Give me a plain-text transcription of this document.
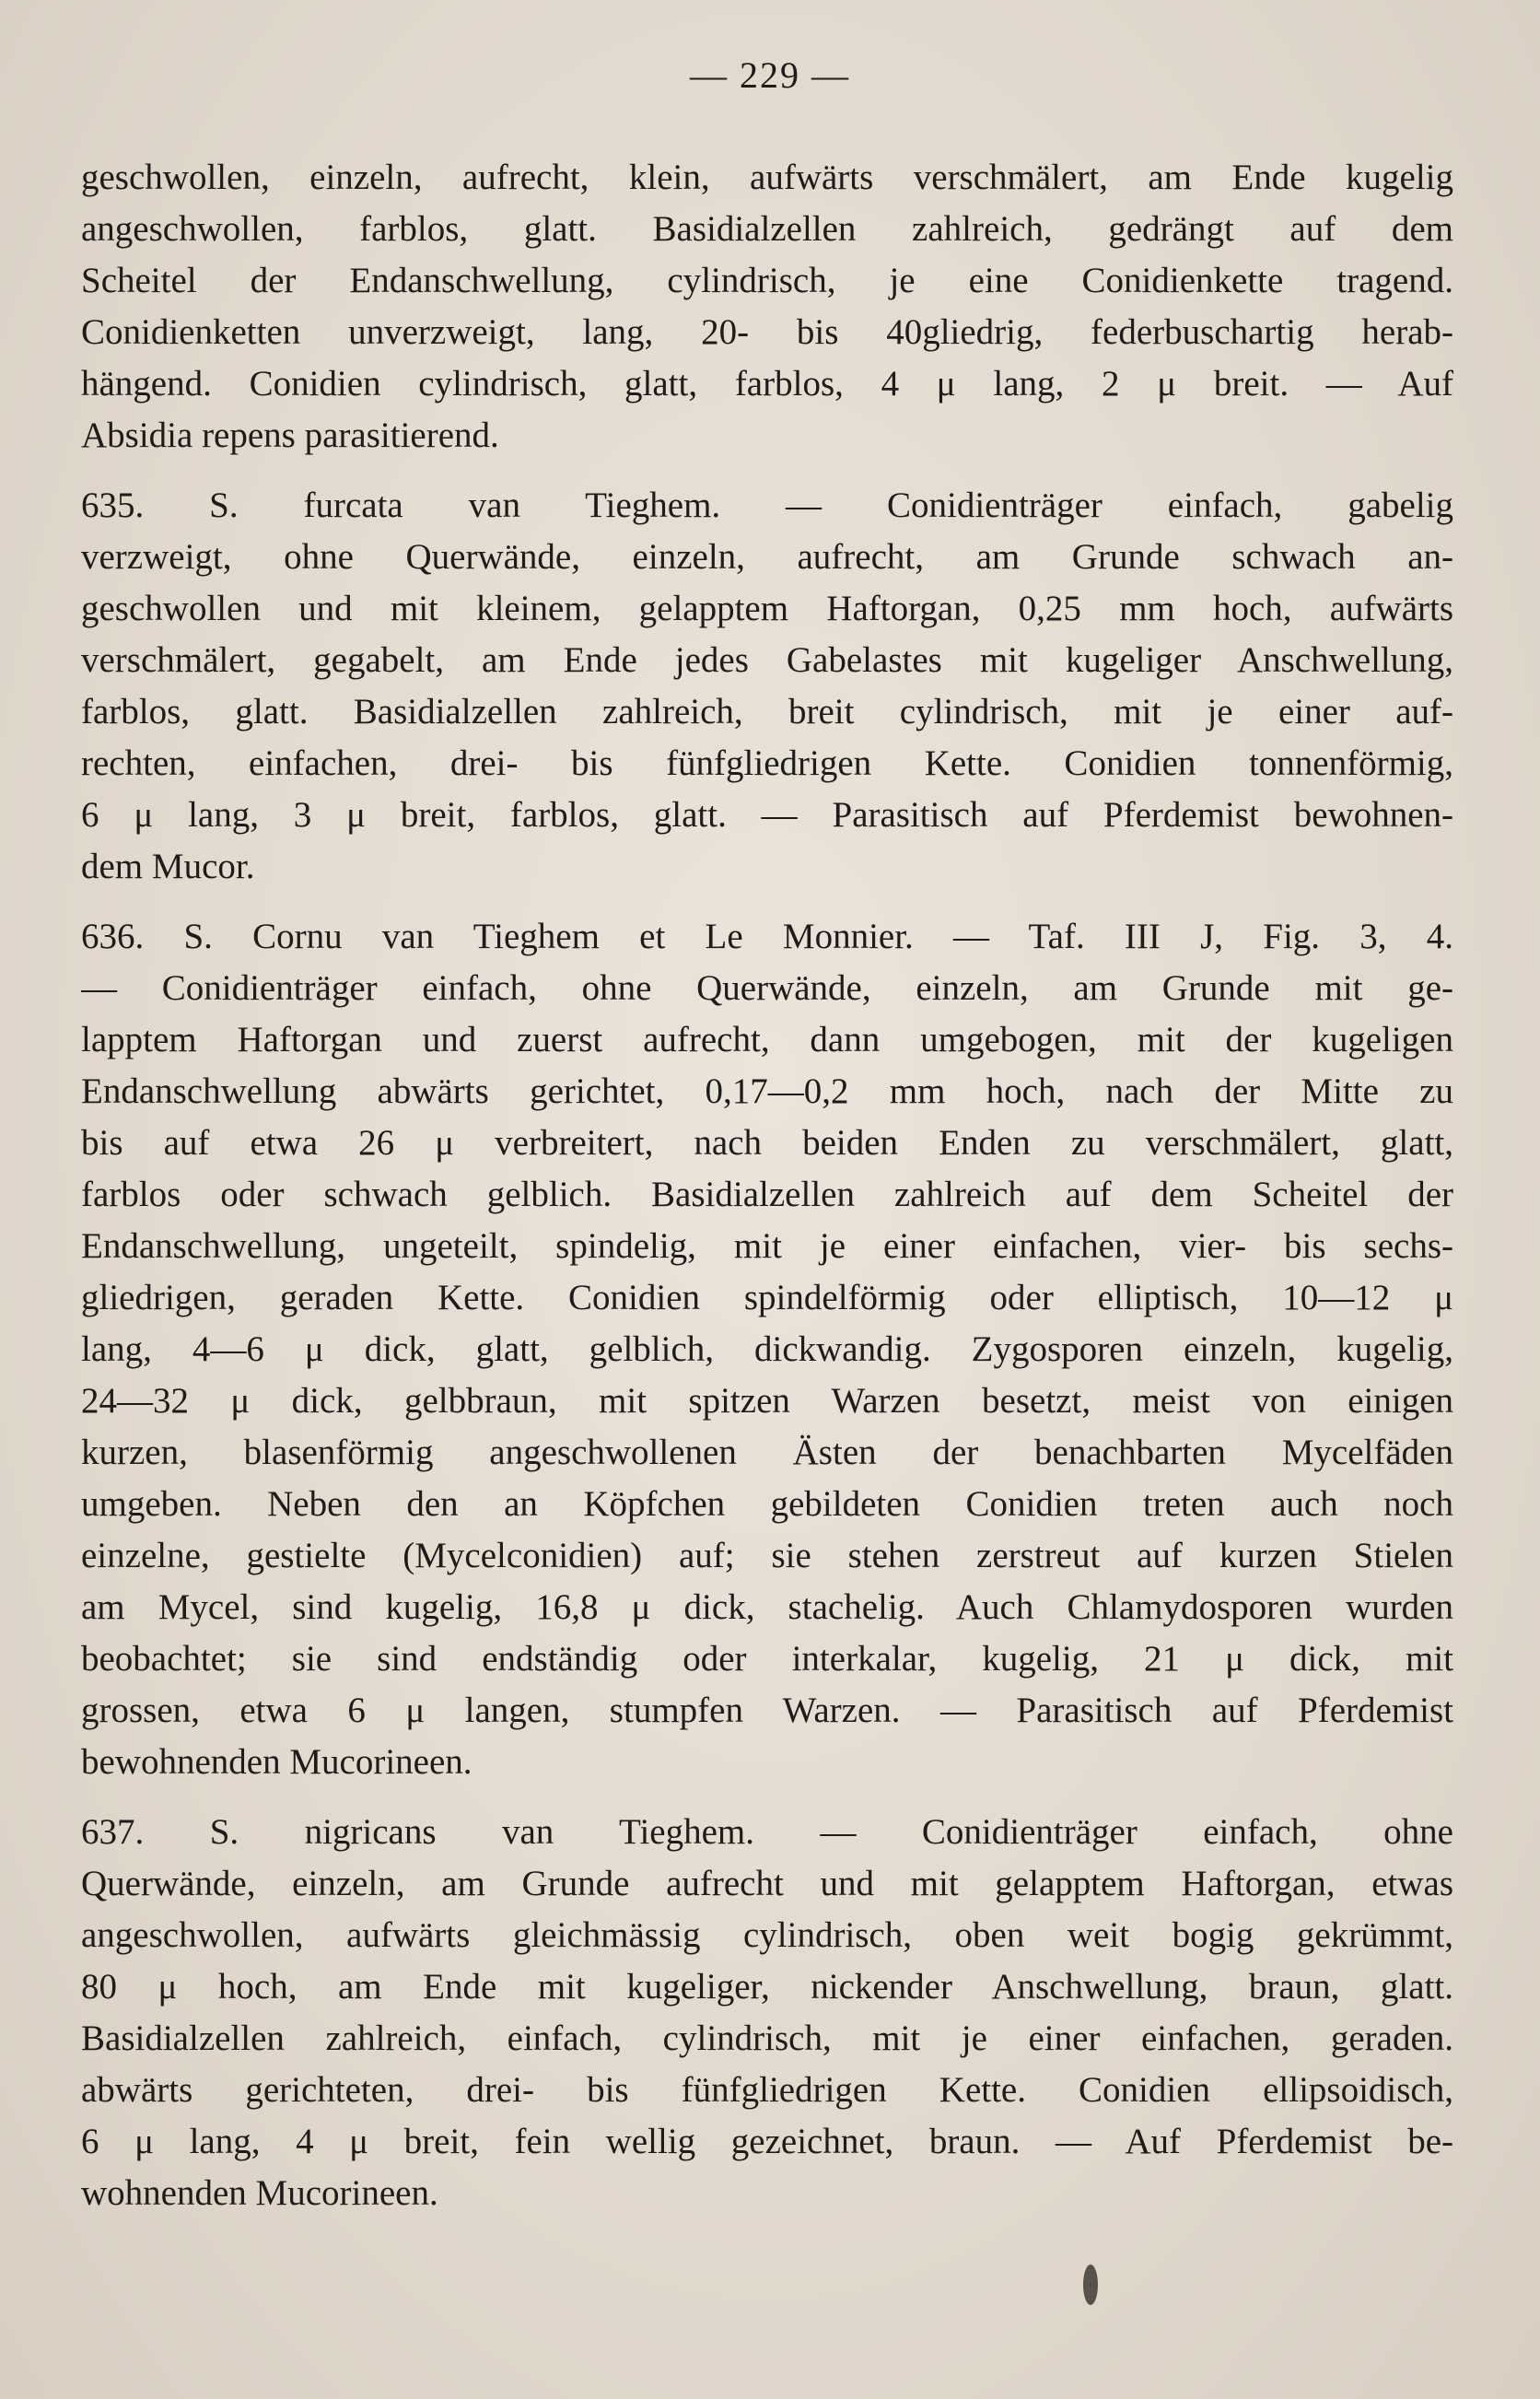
— 229 —
geschwollen, einzeln, aufrecht, klein, aufwärts verschmälert, am Ende kugelig
angeschwollen, farblos, glatt. Basidialzellen zahlreich, gedrängt auf dem
Scheitel der Endanschwellung, cylindrisch, je eine Conidienkette tragend.
Conidienketten unverzweigt, lang, 20- bis 40gliedrig, federbuschartig herab-
hängend. Conidien cylindrisch, glatt, farblos, 4 μ lang, 2 μ breit. — Auf
Absidia repens parasitierend.
635. S. furcata van Tieghem. — Conidienträger einfach, gabelig
verzweigt, ohne Querwände, einzeln, aufrecht, am Grunde schwach an-
geschwollen und mit kleinem, gelapptem Haftorgan, 0,25 mm hoch, aufwärts
verschmälert, gegabelt, am Ende jedes Gabelastes mit kugeliger Anschwellung,
farblos, glatt. Basidialzellen zahlreich, breit cylindrisch, mit je einer auf-
rechten, einfachen, drei- bis fünfgliedrigen Kette. Conidien tonnenförmig,
6 μ lang, 3 μ breit, farblos, glatt. — Parasitisch auf Pferdemist bewohnen-
dem Mucor.
636. S. Cornu van Tieghem et Le Monnier. — Taf. III J, Fig. 3, 4.
— Conidienträger einfach, ohne Querwände, einzeln, am Grunde mit ge-
lapptem Haftorgan und zuerst aufrecht, dann umgebogen, mit der kugeligen
Endanschwellung abwärts gerichtet, 0,17—0,2 mm hoch, nach der Mitte zu
bis auf etwa 26 μ verbreitert, nach beiden Enden zu verschmälert, glatt,
farblos oder schwach gelblich. Basidialzellen zahlreich auf dem Scheitel der
Endanschwellung, ungeteilt, spindelig, mit je einer einfachen, vier- bis sechs-
gliedrigen, geraden Kette. Conidien spindelförmig oder elliptisch, 10—12 μ
lang, 4—6 μ dick, glatt, gelblich, dickwandig. Zygosporen einzeln, kugelig,
24—32 μ dick, gelbbraun, mit spitzen Warzen besetzt, meist von einigen
kurzen, blasenförmig angeschwollenen Ästen der benachbarten Mycelfäden
umgeben. Neben den an Köpfchen gebildeten Conidien treten auch noch
einzelne, gestielte (Mycelconidien) auf; sie stehen zerstreut auf kurzen Stielen
am Mycel, sind kugelig, 16,8 μ dick, stachelig. Auch Chlamydosporen wurden
beobachtet; sie sind endständig oder interkalar, kugelig, 21 μ dick, mit
grossen, etwa 6 μ langen, stumpfen Warzen. — Parasitisch auf Pferdemist
bewohnenden Mucorineen.
637. S. nigricans van Tieghem. — Conidienträger einfach, ohne
Querwände, einzeln, am Grunde aufrecht und mit gelapptem Haftorgan, etwas
angeschwollen, aufwärts gleichmässig cylindrisch, oben weit bogig gekrümmt,
80 μ hoch, am Ende mit kugeliger, nickender Anschwellung, braun, glatt.
Basidialzellen zahlreich, einfach, cylindrisch, mit je einer einfachen, geraden.
abwärts gerichteten, drei- bis fünfgliedrigen Kette. Conidien ellipsoidisch,
6 μ lang, 4 μ breit, fein wellig gezeichnet, braun. — Auf Pferdemist be-
wohnenden Mucorineen.
